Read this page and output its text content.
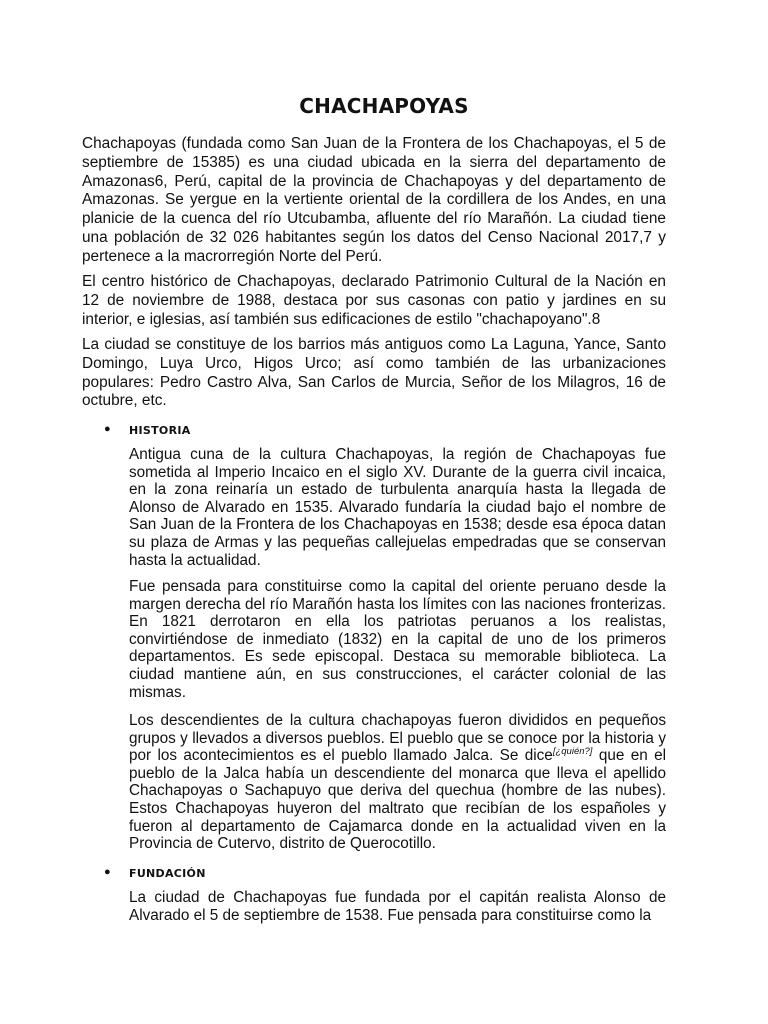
CHACHAPOYAS

Chachapoyas (fundada como San Juan de la Frontera de los Chachapoyas, el 5 de septiembre de 15385) es una ciudad ubicada en la sierra del departamento de Amazonas6, Perú, capital de la provincia de Chachapoyas y del departamento de Amazonas. Se yergue en la vertiente oriental de la cordillera de los Andes, en una planicie de la cuenca del río Utcubamba, afluente del río Marañón. La ciudad tiene una población de 32 026 habitantes según los datos del Censo Nacional 2017,7 y pertenece a la macrorregión Norte del Perú.

El centro histórico de Chachapoyas, declarado Patrimonio Cultural de la Nación en 12 de noviembre de 1988, destaca por sus casonas con patio y jardines en su interior, e iglesias, así también sus edificaciones de estilo "chachapoyano".8

La ciudad se constituye de los barrios más antiguos como La Laguna, Yance, Santo Domingo, Luya Urco, Higos Urco; así como también de las urbanizaciones populares: Pedro Castro Alva, San Carlos de Murcia, Señor de los Milagros, 16 de octubre, etc.

● HISTORIA

Antigua cuna de la cultura Chachapoyas, la región de Chachapoyas fue sometida al Imperio Incaico en el siglo XV. Durante de la guerra civil incaica, en la zona reinaría un estado de turbulenta anarquía hasta la llegada de Alonso de Alvarado en 1535. Alvarado fundaría la ciudad bajo el nombre de San Juan de la Frontera de los Chachapoyas en 1538; desde esa época datan su plaza de Armas y las pequeñas callejuelas empedradas que se conservan hasta la actualidad.

Fue pensada para constituirse como la capital del oriente peruano desde la margen derecha del río Marañón hasta los límites con las naciones fronterizas. En 1821 derrotaron en ella los patriotas peruanos a los realistas, convirtiéndose de inmediato (1832) en la capital de uno de los primeros departamentos. Es sede episcopal. Destaca su memorable biblioteca. La ciudad mantiene aún, en sus construcciones, el carácter colonial de las mismas.

Los descendientes de la cultura chachapoyas fueron divididos en pequeños grupos y llevados a diversos pueblos. El pueblo que se conoce por la historia y por los acontecimientos es el pueblo llamado Jalca. Se dice[¿quién?] que en el pueblo de la Jalca había un descendiente del monarca que lleva el apellido Chachapoyas o Sachapuyo que deriva del quechua (hombre de las nubes). Estos Chachapoyas huyeron del maltrato que recibían de los españoles y fueron al departamento de Cajamarca donde en la actualidad viven en la Provincia de Cutervo, distrito de Querocotillo.

● FUNDACIÓN

La ciudad de Chachapoyas fue fundada por el capitán realista Alonso de Alvarado el 5 de septiembre de 1538. Fue pensada para constituirse como la
